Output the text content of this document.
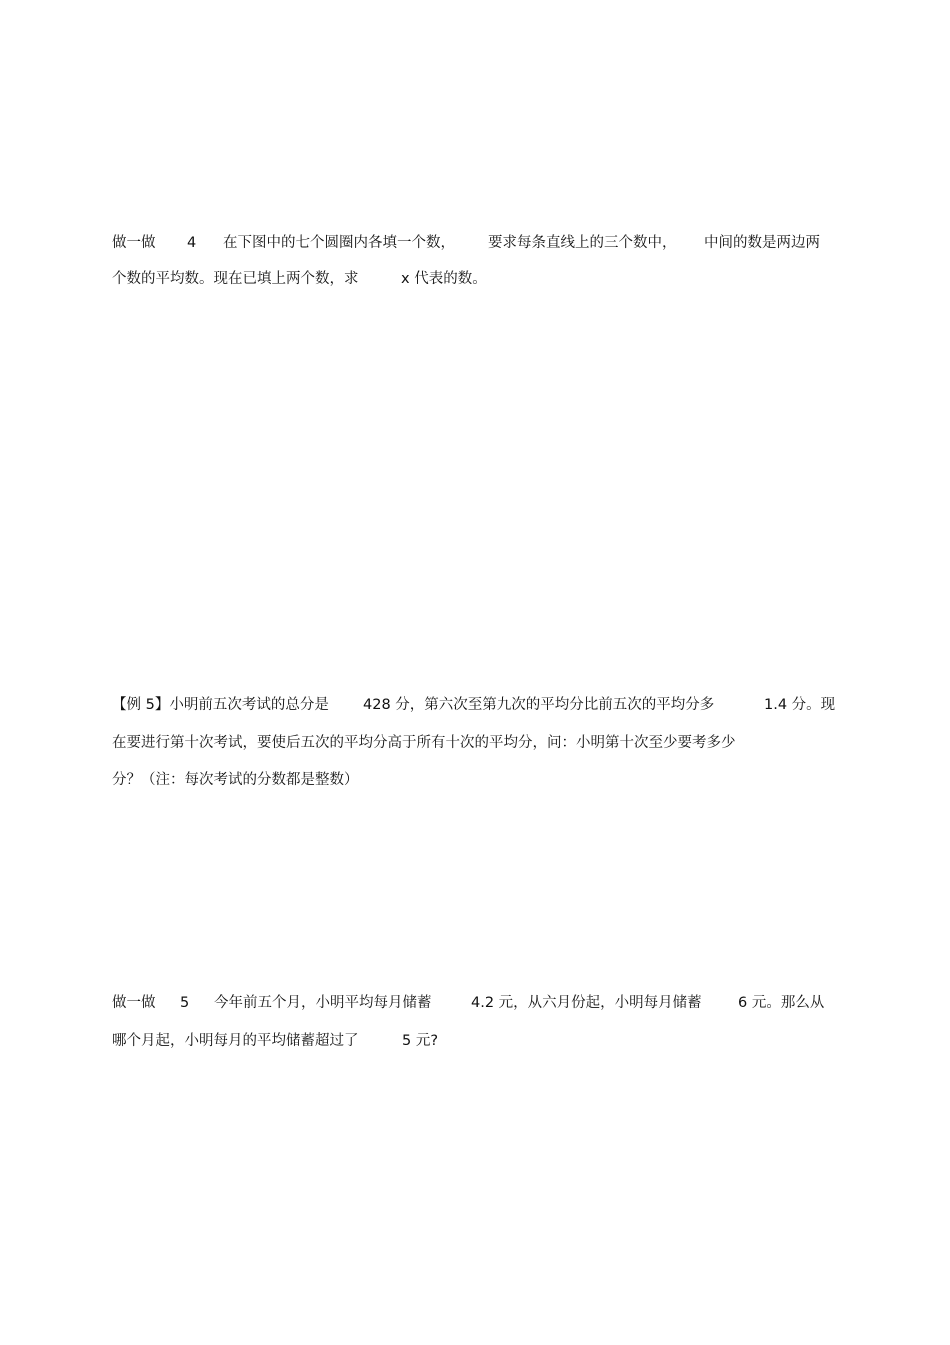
做一做 4 在下图中的七个圆圈内各填一个数， 要求每条直线上的三个数中， 中间的数是两边两
个数的平均数。现在已填上两个数，求	x 代表的数。
【例 5】小明前五次考试的总分是 428 分，第六次至第九次的平均分比前五次的平均分多	1.4 分。现
在要进行第十次考试，要使后五次的平均分高于所有十次的平均分，问：小明第十次至少要考多少
分？（注：每次考试的分数都是整数）
做一做 5 今年前五个月，小明平均每月储蓄	4.2 元，从六月份起，小明每月储蓄	6 元。那么从
哪个月起，小明每月的平均储蓄超过了	5 元?
